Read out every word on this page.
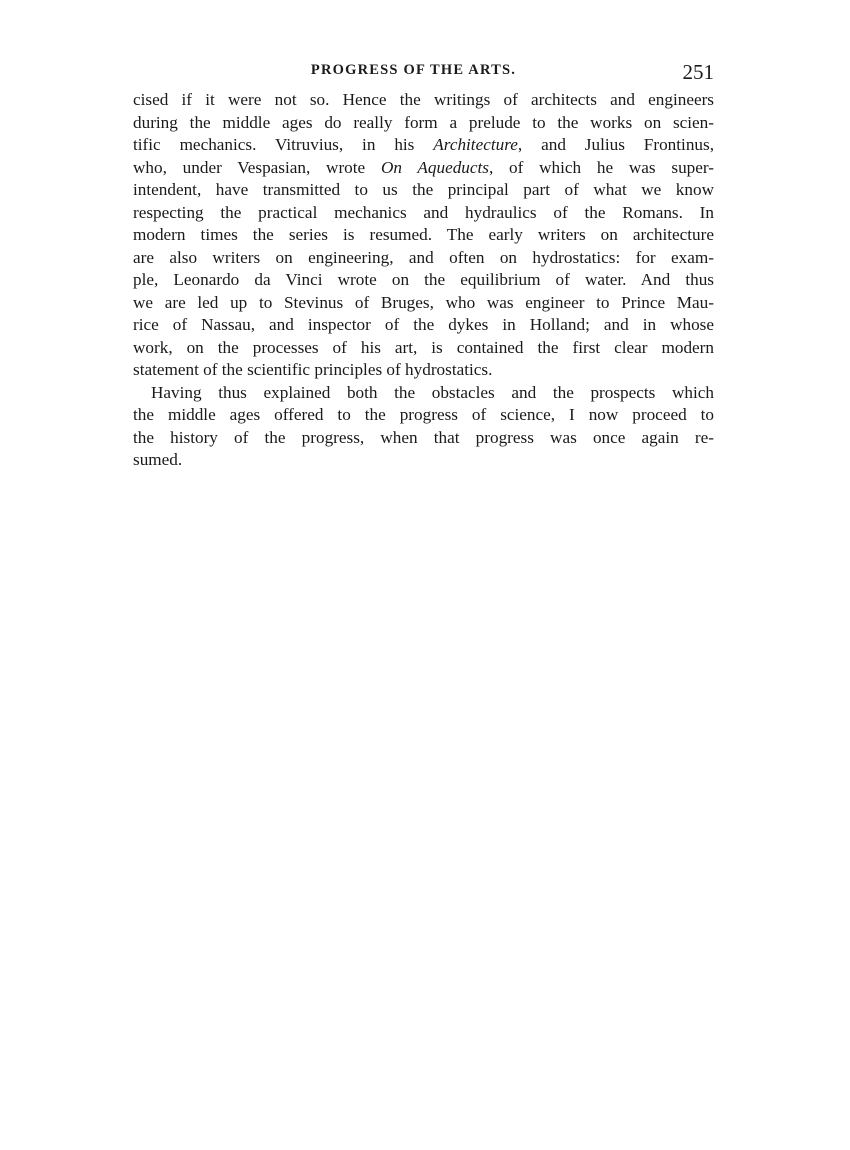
PROGRESS OF THE ARTS.	251
cised if it were not so. Hence the writings of architects and engineers
during the middle ages do really form a prelude to the works on scien-
tific mechanics. Vitruvius, in his Architecture, and Julius Frontinus,
who, under Vespasian, wrote On Aqueducts, of which he was super-
intendent, have transmitted to us the principal part of what we know
respecting the practical mechanics and hydraulics of the Romans. In
modern times the series is resumed. The early writers on architecture
are also writers on engineering, and often on hydrostatics: for exam-
ple, Leonardo da Vinci wrote on the equilibrium of water. And thus
we are led up to Stevinus of Bruges, who was engineer to Prince Mau-
rice of Nassau, and inspector of the dykes in Holland; and in whose
work, on the processes of his art, is contained the first clear modern
statement of the scientific principles of hydrostatics.
Having thus explained both the obstacles and the prospects which
the middle ages offered to the progress of science, I now proceed to
the history of the progress, when that progress was once again re-
sumed.
